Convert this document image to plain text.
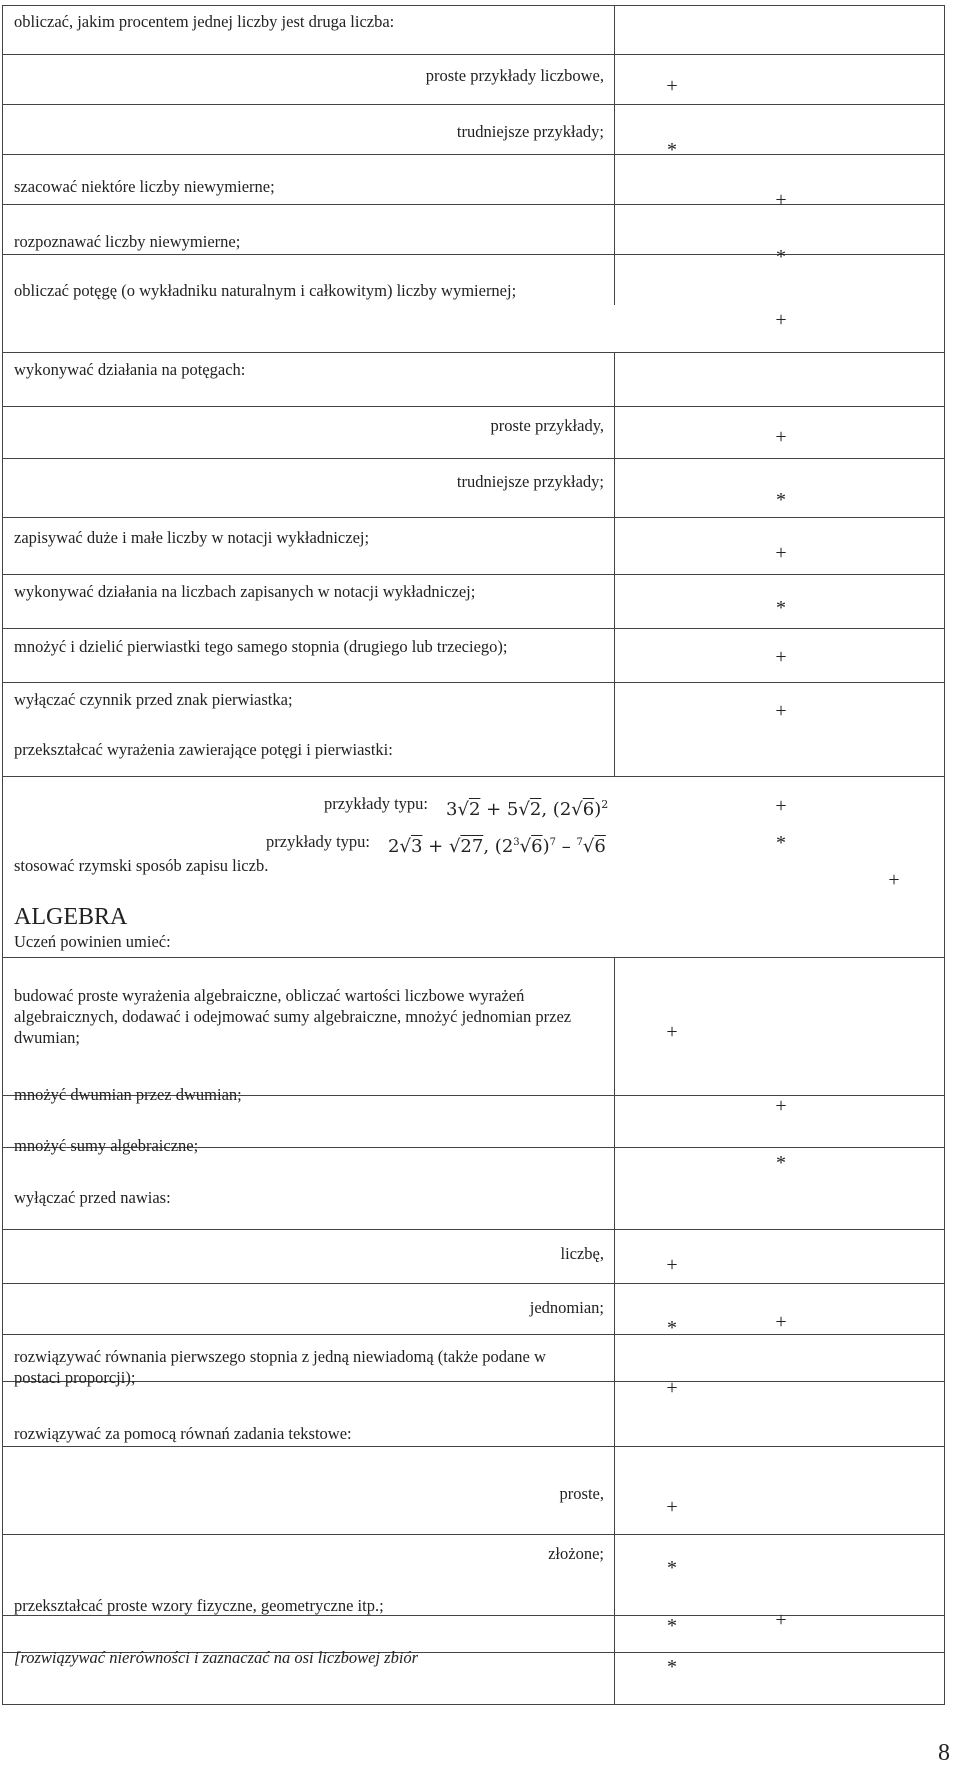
obliczać, jakim procentem jednej liczby jest druga liczba:
proste przykłady liczbowe,
trudniejsze przykłady;
szacować niektóre liczby niewymierne;
rozpoznawać liczby niewymierne;
obliczać potęgę (o wykładniku naturalnym i całkowitym) liczby wymiernej;
wykonywać działania na potęgach:
proste przykłady,
trudniejsze przykłady;
zapisywać duże i małe liczby w notacji wykładniczej;
wykonywać działania na liczbach zapisanych w notacji wykładniczej;
mnożyć i dzielić pierwiastki tego samego stopnia (drugiego lub trzeciego);
wyłączać czynnik przed znak pierwiastka;
przekształcać wyrażenia zawierające potęgi i pierwiastki:
przykłady typu: 3√2 + 5√2, $(2√6)^2$
przykłady typu: 2√3 + √27, $(2^3√6)^7 - ^7√6$
stosować rzymski sposób zapisu liczb.
ALGEBRA
Uczeń powinien umieć:
budować proste wyrażenia algebraiczne, obliczać wartości liczbowe wyrażeń algebraicznych, dodawać i odejmować sumy algebraiczne, mnożyć jednomian przez dwumian;
mnożyć dwumian przez dwumian;
mnożyć sumy algebraiczne;
wyłączać przed nawias:
liczbę,
jednomian;
rozwiązywać równania pierwszego stopnia z jedną niewiadomą (także podane w postaci proporcji);
rozwiązywać za pomocą równań zadania tekstowe:
proste,
złożone;
przekształcać proste wzory fizyczne, geometryczne itp.;
[rozwiązywać nierówności i zaznaczać na osi liczbowej zbiór
+
*
+
*
+
+
*
+
*
+
+
+
*
+
+
+
*
+
*	+
+
+
*
*	+
*
8
